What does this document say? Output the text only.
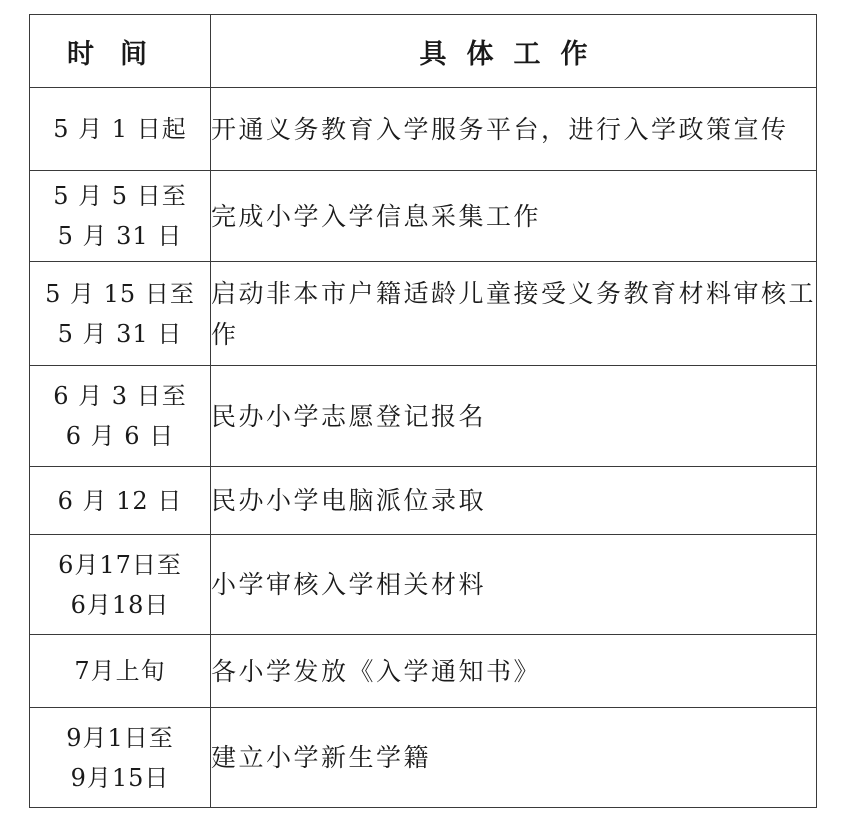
时间	具体工作

5 月 1 日起	开通义务教育入学服务平台，进行入学政策宣传

5 月 5 日至
5 月 31 日	完成小学入学信息采集工作

5 月 15 日至
5 月 31 日	启动非本市户籍适龄儿童接受义务教育材料审核工作

6 月 3 日至
6 月 6 日	民办小学志愿登记报名

6 月 12 日	民办小学电脑派位录取

6月17日至
6月18日	小学审核入学相关材料

7月上旬	各小学发放《入学通知书》

9月1日至
9月15日	建立小学新生学籍
